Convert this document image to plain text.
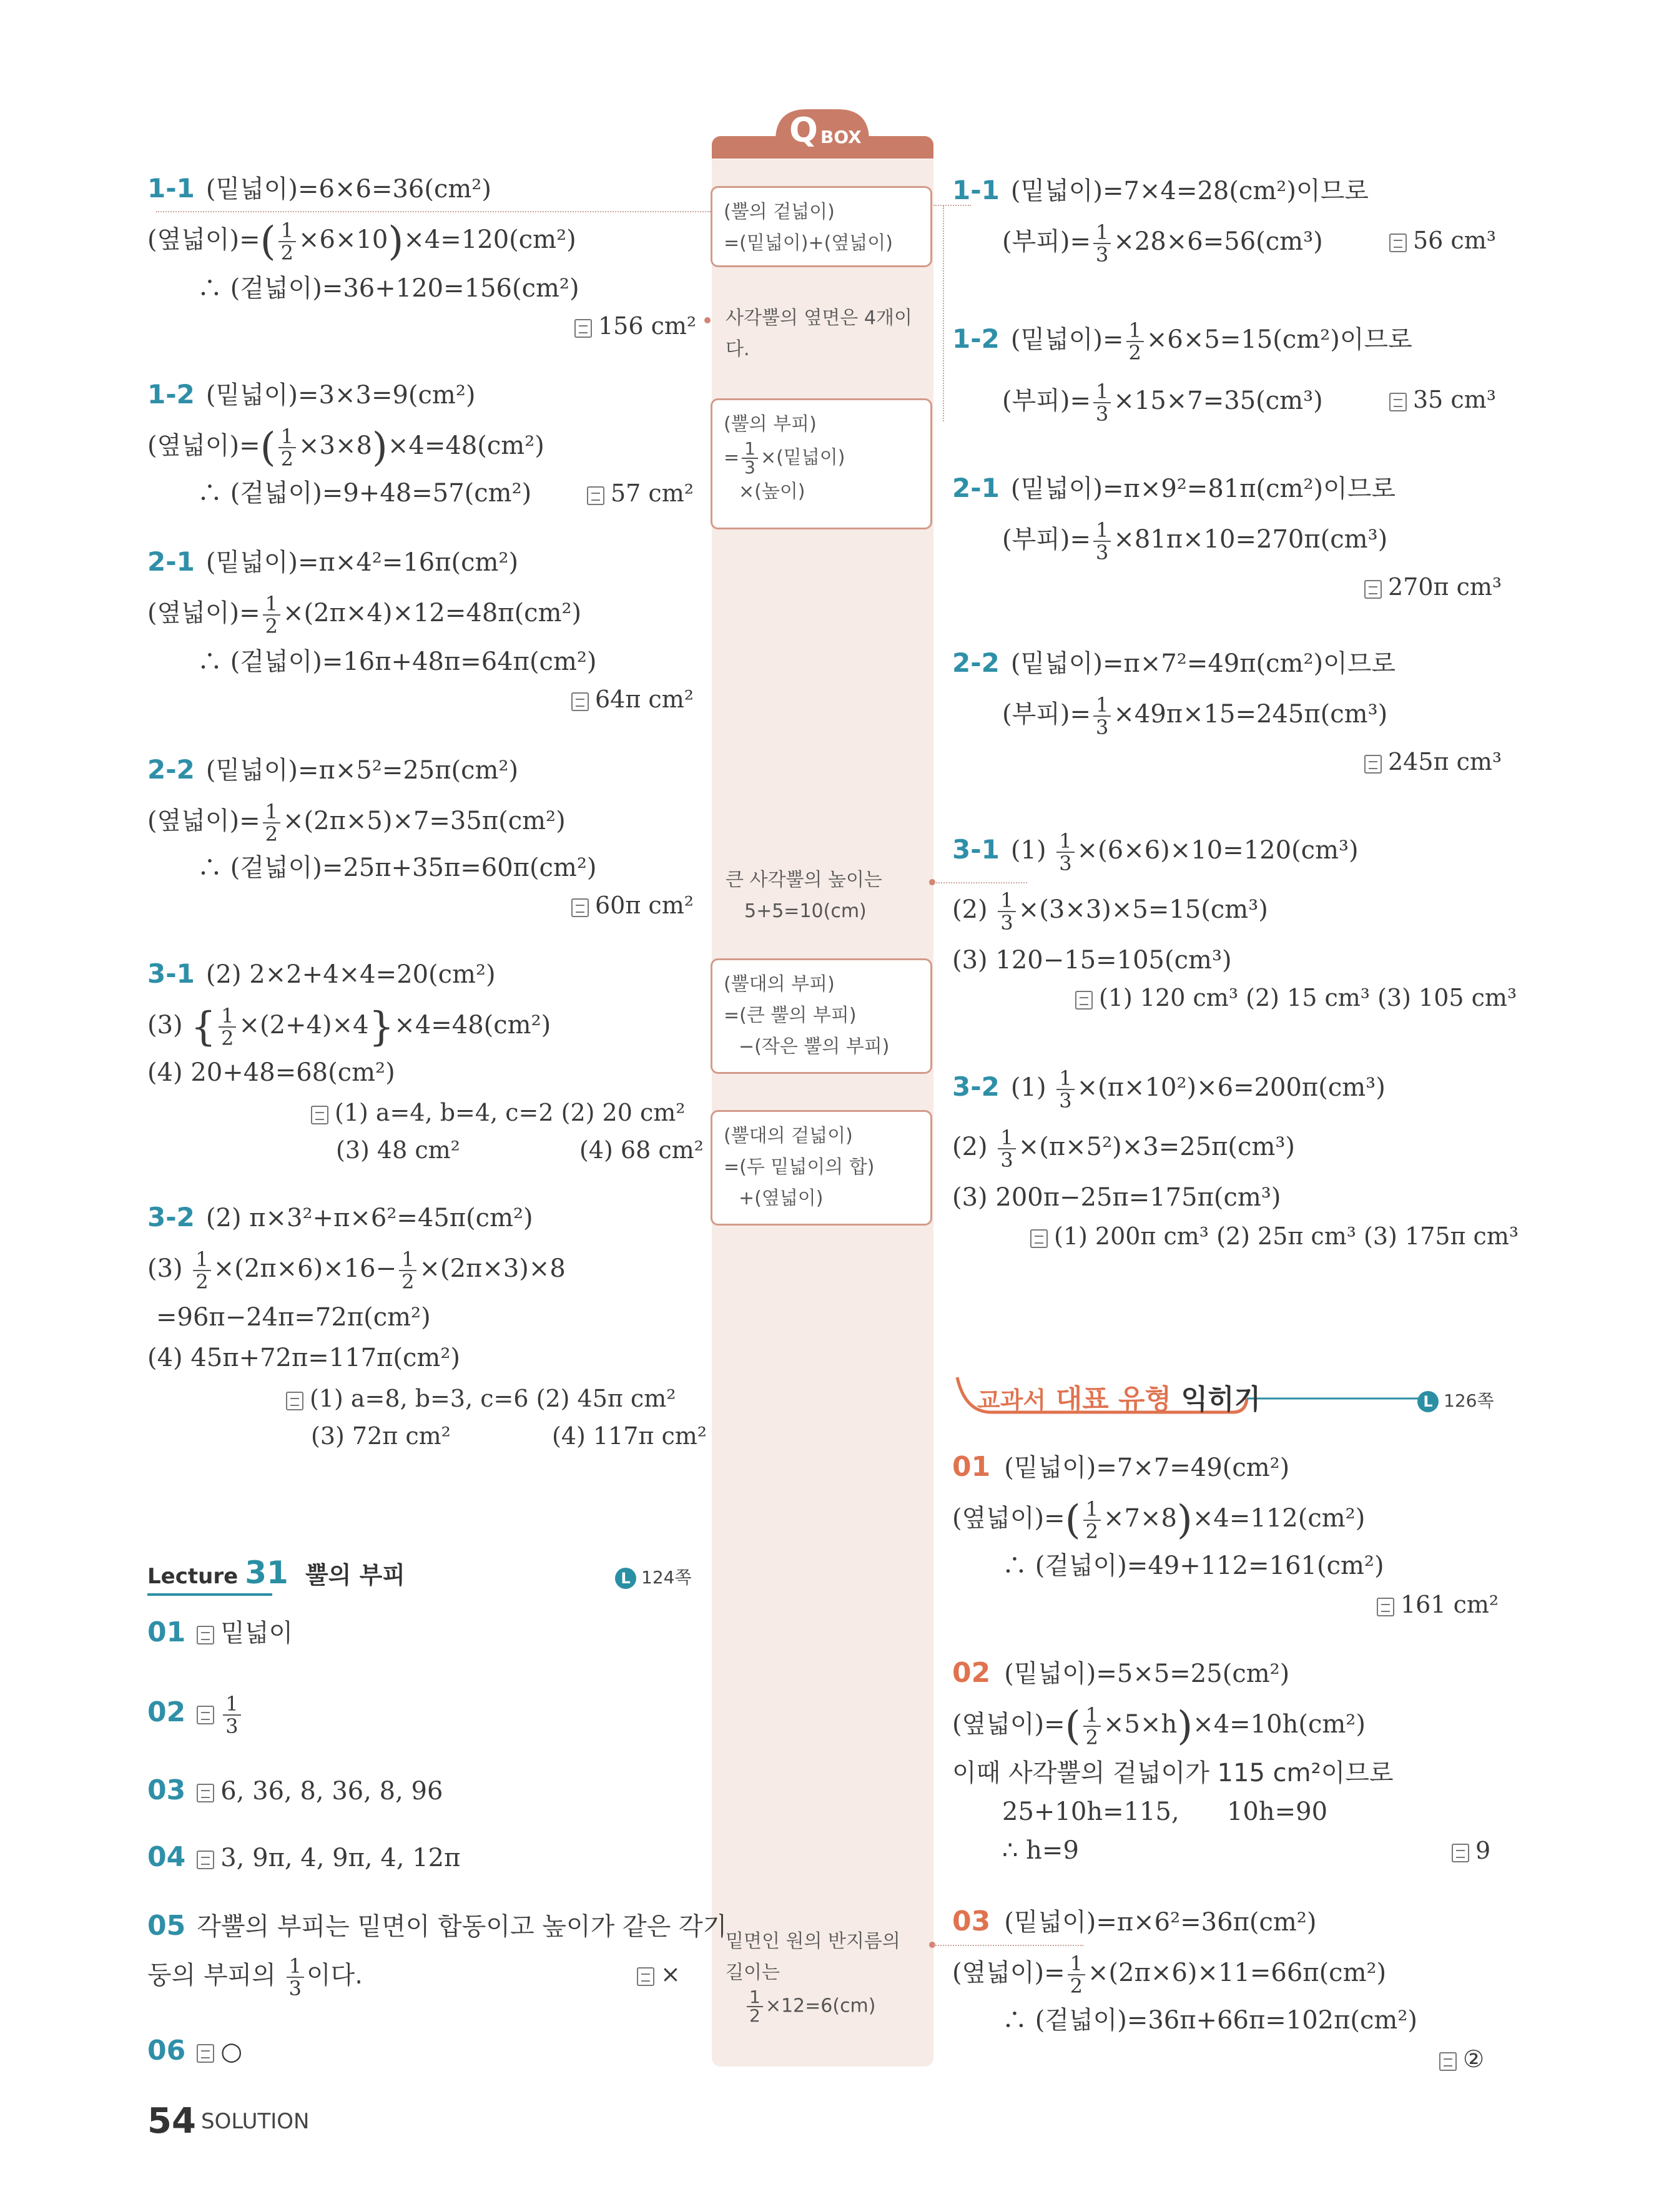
Q BOX
(뿔의 겉넓이)
=(밑넓이)+(옆넓이)
사각뿔의 옆면은 4개이
다.
(뿔의 부피)
= $\frac{1}{3}$ ×(밑넓이)
×(높이)
큰 사각뿔의 높이는
5+5=10(cm)
(뿔대의 부피)
=(큰 뿔의 부피)
−(작은 뿔의 부피)
(뿔대의 겉넓이)
=(두 밑넓이의 합)
+(옆넓이)
밑면인 원의 반지름의
길이는
$\frac{1}{2} \times 12=6(cm)$
1-1 (밑넓이)=6×6=36(cm²)
(옆넓이)=( $\frac{1}{2} \times 6\times 10)\times 4=120(cm^2)$
∴ (겉넓이)=36+120=156(cm²)
156 cm²
1-2 (밑넓이)=3×3=9(cm²)
(옆넓이)=( $\frac{1}{2} \times 3\times 8)\times 4=48(cm^2)$
∴ (겉넓이)=9+48=57(cm²)	57 cm²
2-1 (밑넓이)=π×4²=16π(cm²)
(옆넓이)= $\frac{1}{2} \times(2\pi\times 4)\times 12=48\pi(cm^2)$
∴ (겉넓이)=16π+48π=64π(cm²)
64π cm²
2-2 (밑넓이)=π×5²=25π(cm²)
(옆넓이)= $\frac{1}{2} \times(2\pi\times 5)\times 7=35\pi(cm^2)$
∴ (겉넓이)=25π+35π=60π(cm²)
60π cm²
3-1 (2) 2×2+4×4=20(cm²)
(3) { $\frac{1}{2} \times(2+4)\times 4\}\times 4=48(cm^2)$
(4) 20+48=68(cm²)
(1) a=4, b=4, c=2 (2) 20 cm²
(3) 48 cm²	(4) 68 cm²
3-2 (2) π×3²+π×6²=45π(cm²)
$(3) \frac{1}{2} \times(2\pi\times 6)\times 16- \frac{1}{2} \times(2\pi\times 3)\times 8$
=96π−24π=72π(cm²)
(4) 45π+72π=117π(cm²)
(1) a=8, b=3, c=6 (2) 45π cm²
(3) 72π cm²	(4) 117π cm²
Lecture 31 뿔의 부피	L 124쪽
01 밑넓이
$02 \frac{1}{3}$
03 6, 36, 8, 36, 8, 96
04 3, 9π, 4, 9π, 4, 12π
05 각뿔의 부피는 밑면이 합동이고 높이가 같은 각기
둥의 부피의 $\frac{1}{3}$ 이다.	×
06 ○
1-1 (밑넓이)=7×4=28(cm²)이므로
(부피)= $\frac{1}{3} \times 28\times 6=56(cm^3)$	56 cm³
1-2 (밑넓이)= $\frac{1}{2} \times 6\times 5=15(cm^2)$이므로
(부피)= $\frac{1}{3} \times 15\times 7=35(cm^3)$	35 cm³
2-1 (밑넓이)=π×9²=81π(cm²)이므로
(부피)= $\frac{1}{3} \times 81\pi\times 10=270\pi(cm^3)$
270π cm³
2-2 (밑넓이)=π×7²=49π(cm²)이므로
(부피)= $\frac{1}{3} \times 49\pi\times 15=245\pi(cm^3)$
245π cm³
3-1 $(1) \frac{1}{3} \times(6\times 6)\times 10=120(cm^3)$
$(2) \frac{1}{3} \times(3\times 3)\times 5=15(cm^3)$
(3) 120−15=105(cm³)
(1) 120 cm³ (2) 15 cm³ (3) 105 cm³
3-2 $(1) \frac{1}{3} \times(\pi\times 10^2)\times 6=200\pi(cm^3)$
$(2) \frac{1}{3} \times(\pi\times 5^2)\times 3=25\pi(cm^3)$
(3) 200π−25π=175π(cm³)
(1) 200π cm³ (2) 25π cm³ (3) 175π cm³
교과서 대표 유형 익히기	L 126쪽
01 (밑넓이)=7×7=49(cm²)
(옆넓이)=( $\frac{1}{2} \times 7\times 8)\times 4=112(cm^2)$
∴ (겉넓이)=49+112=161(cm²)
161 cm²
02 (밑넓이)=5×5=25(cm²)
(옆넓이)=( $\frac{1}{2} \times 5\times h)\times 4=10h(cm^2)$
이때 사각뿔의 겉넓이가 115 cm²이므로
25+10h=115,      10h=90
∴ h=9	9
03 (밑넓이)=π×6²=36π(cm²)
(옆넓이)= $\frac{1}{2} \times(2\pi\times 6)\times 11=66\pi(cm^2)$
∴ (겉넓이)=36π+66π=102π(cm²)
②
54 SOLUTION
